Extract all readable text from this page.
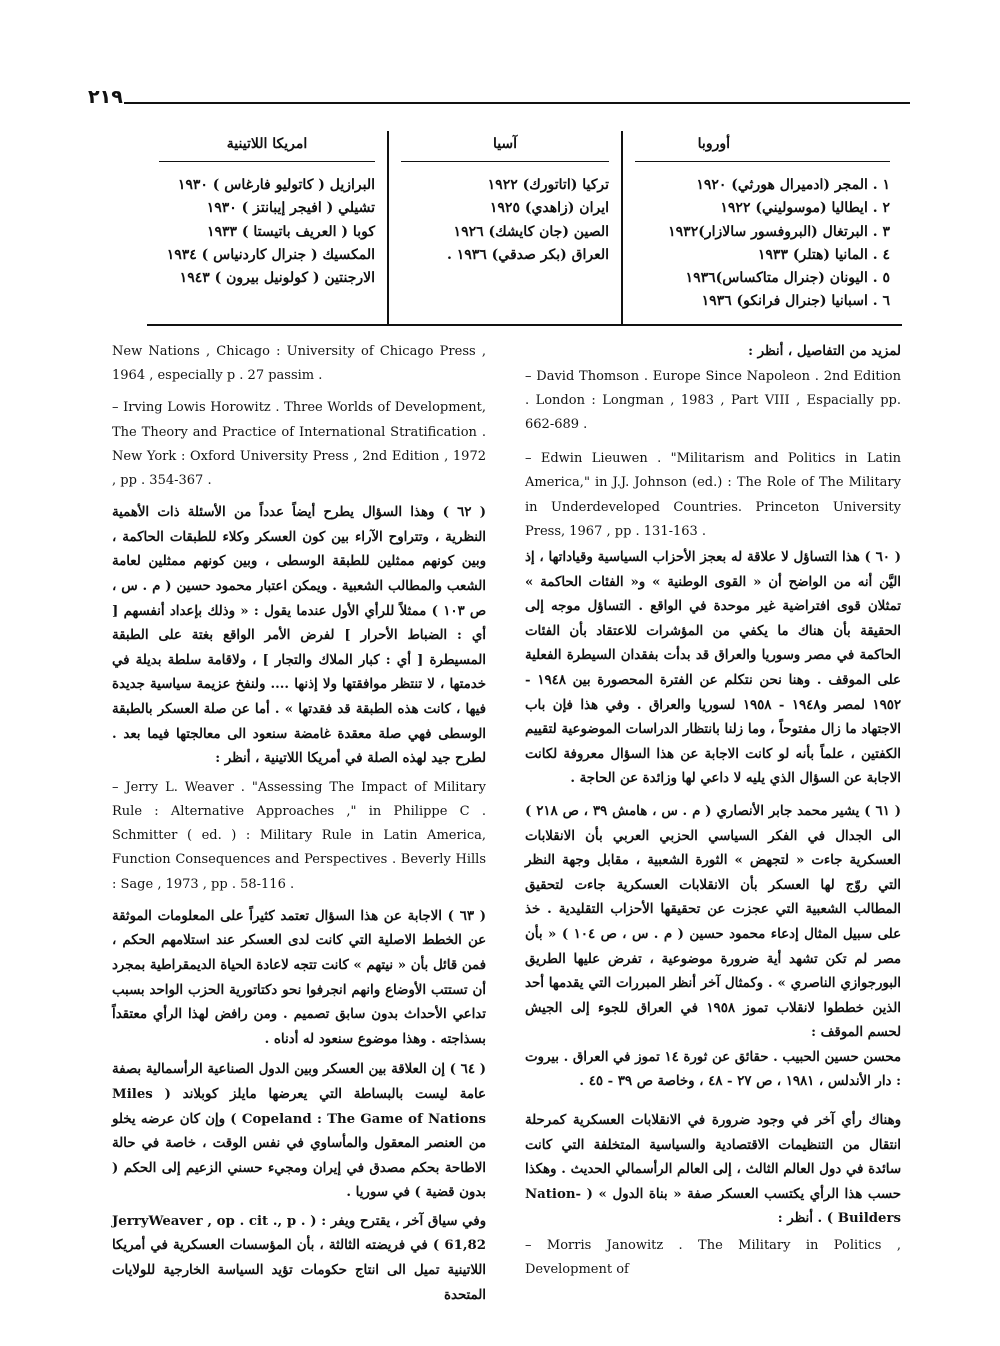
٢١٩
أوروبا
١ . المجر (ادميرال هورثي) ١٩٢٠
٢ . ايطاليا (موسوليني) ١٩٢٢
٣ . البرتغال (البروفسور سالازار)١٩٣٢
٤ . المانيا (هتلر) ١٩٣٣
٥ . اليونان (جنرال متاكساس)١٩٣٦
٦ . اسبانيا (جنرال فرانكو) ١٩٣٦
آسيا
تركيا (اتاتورك) ١٩٢٢
ايران (زاهدي) ١٩٢٥
الصين (جان كايشك) ١٩٢٦
العراق (بكر صدقي) ١٩٣٦ .
امريكا اللاتينية
البرازيل ( كاتوليو فارغاس ) ١٩٣٠
تشيلي ( افيجر إيبانتز ) ١٩٣٠
كوبا ( العريف باتيستا ) ١٩٣٣
المكسيك ( جنرال كاردنياس ) ١٩٣٤
الارجنتين ( كولونيل بيرون ) ١٩٤٣
لمزيد من التفاصيل ، أنظر :
– David Thomson . Europe Since Napoleon . 2nd Edition . London : Longman , 1983 , Part VIII , Espacially pp. 662-689 .
– Edwin Lieuwen . "Militarism and Politics in Latin America," in J.J. Johnson (ed.) : The Role of The Military in Underdeveloped Countries. Princeton University Press, 1967 , pp . 131-163 .
( ٦٠ ) هذا التساؤل لا علاقة له بعجز الأحزاب السياسية وقياداتها ، إذ اليَّن أنه من الواضح أن « القوى الوطنية » و« الفئات الحاكمة » تمثلان قوى افتراضية غير موحدة في الواقع . التساؤل موجه إلى الحقيقة بأن هناك ما يكفي من المؤشرات للاعتقاد بأن الفئات الحاكمة في مصر وسوريا والعراق قد بدأت بفقدان السيطرة الفعلية على الموقف . وهنا نحن نتكلم عن الفترة المحصورة بين ١٩٤٨ - ١٩٥٢ لمصر و١٩٤٨ - ١٩٥٨ لسوريا والعراق . وفي هذا فإن باب الاجتهاد ما زال مفتوحاً ، وما زلنا بانتظار الدراسات الموضوعية لتقييم الكفتين ، علماً بأنه لو كانت الاجابة عن هذا السؤال معروفة لكانت الاجابة عن السؤال الذي يليه لا داعي لها وزائدة عن الحاجة .
( ٦١ ) يشير محمد جابر الأنصاري ( م . س ، هامش ٣٩ ، ص ٢١٨ ) الى الجدال في الفكر السياسي الحزبي العربي بأن الانقلابات العسكرية جاءت « لتجهض » الثورة الشعبية ، مقابل وجهة النظر التي روّج لها العسكر بأن الانقلابات العسكرية جاءت لتحقيق المطالب الشعبية التي عجزت عن تحقيقها الأحزاب التقليدية . خذ على سبيل المثال إدعاء محمود حسين ( م . س ، ص ١٠٤ ) « بأن مصر لم تكن تشهد أية ضرورة موضوعية ، تفرض عليها الطريق البورجوازي الناصري » . وكمثال آخر أنظر المبررات التي يقدمها أحد الذين خططوا لانقلاب تموز ١٩٥٨ في العراق للجوء إلى الجيش لحسم الموقف :
محسن حسين الحبيب . حقائق عن ثورة ١٤ تموز في العراق . بيروت : دار الأندلس ، ١٩٨١ ، ص ٢٧ - ٤٨ ، وخاصة ص ٣٩ - ٤٥ .
وهناك رأي آخر في وجود ضرورة في الانقلابات العسكرية كمرحلة انتقال من التنظيمات الاقتصادية والسياسية المتخلفة التي كانت سائدة في دول العالم الثالث ، إلى العالم الرأسمالي الحديث . وهكذا حسب هذا الرأي يكتسب العسكر صفة « بناة الدول » ( Nation-Builders ) . أنظر :
– Morris Janowitz . The Military in Politics , Development of
New Nations , Chicago : University of Chicago Press , 1964 , especially p . 27 passim .
– Irving Lowis Horowitz . Three Worlds of Development, The Theory and Practice of International Stratification . New York : Oxford University Press , 2nd Edition , 1972 , pp . 354-367 .
( ٦٢ ) وهذا السؤال يطرح أيضاً عدداً من الأسئلة ذات الأهمية النظرية ، وتتراوح الآراء بين كون العسكر وكلاء للطبقات الحاكمة ، وبين كونهم ممثلين للطبقة الوسطى ، وبين كونهم ممثلين لعامة الشعب والمطالب الشعبية . ويمكن اعتبار محمود حسين ( م . س ، ص ١٠٣ ) ممثلاً للرأي الأول عندما يقول : « وذلك بإعداد أنفسهم [ أي : الضباط الأحرار ] لفرض الأمر الواقع بغتة على الطبقة المسيطرة [ أي : كبار الملاك والتجار ] ، ولاقامة سلطة بديلة في خدمتها ، لا تنتظر موافقتها ولا إذنها .... ولنفخ عزيمة سياسية جديدة فيها ، كانت هذه الطبقة قد فقدتها » . أما عن صلة العسكر بالطبقة الوسطى فهي صلة معقدة غامضة سنعود الى معالجتها فيما بعد . لطرح جيد لهذه الصلة في أمريكا اللاتينية ، أنظر :
– Jerry L. Weaver . "Assessing The Impact of Military Rule : Alternative Approaches ," in Philippe C . Schmitter ( ed. ) : Military Rule in Latin America, Function Consequences and Perspectives . Beverly Hills : Sage , 1973 , pp . 58-116 .
( ٦٣ ) الاجابة عن هذا السؤال تعتمد كثيراً على المعلومات الموثقة عن الخطط الاصلية التي كانت لدى العسكر عند استلامهم الحكم ، فمن قائل بأن « نيتهم » كانت تتجه لاعادة الحياة الديمقراطية بمجرد أن تستتب الأوضاع وانهم انجرفوا نحو دكتاتورية الحزب الواحد بسبب تداعي الأحداث بدون سابق تصميم . ومن رافض لهذا الرأي معتقداً بسذاجته . وهذا موضوع سنعود له أدناه .
( ٦٤ ) إن العلاقة بين العسكر وبين الدول الصناعية الرأسمالية بصفة عامة ليست بالبساطة التي يعرضها مايلز كوبلاند ( Miles Copeland : The Game of Nations ) وإن كان عرضه يخلو من العنصر المعقول والمأساوي في نفس الوقت ، خاصة في حالة الاطاحة بحكم مصدق في إيران ومجيء حسني الزعيم إلى الحكم ( بدون قضية ) في سوريا .
وفي سياق آخر ، يقترح ويفر : ( JerryWeaver , op . cit ., p . 61,82 ) في فريضته الثالثة ، بأن المؤسسات العسكرية في أمريكا اللاتينية تميل الى انتاج حكومات تؤيد السياسة الخارجية للولايات المتحدة
